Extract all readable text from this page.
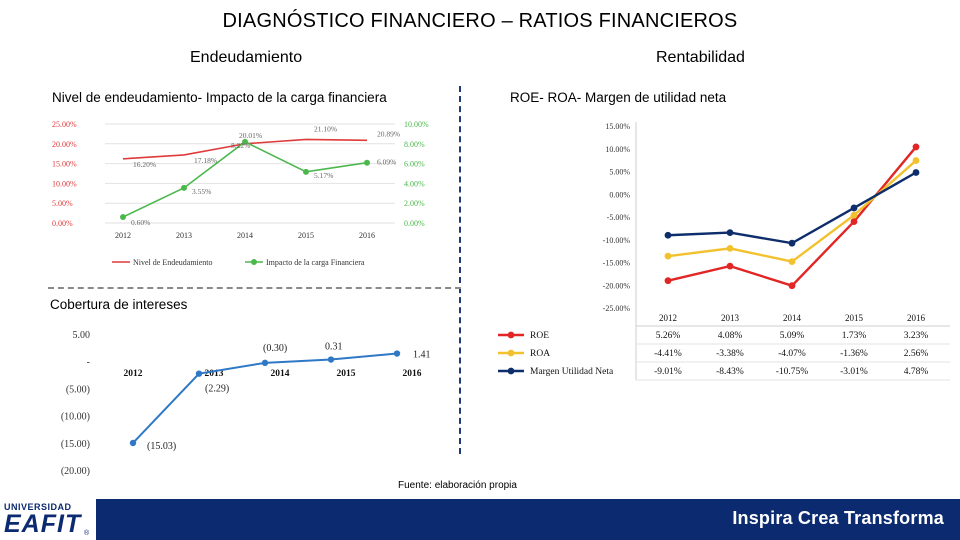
DIAGNÓSTICO FINANCIERO – RATIOS FINANCIEROS
Endeudamiento	Rentabilidad
Nivel de endeudamiento- Impacto de la carga financiera	ROE- ROA- Margen de utilidad neta
Cobertura de intereses
25.00%
20.00%
15.00%
10.00%
5.00%
0.00%
10.00%
8.00%
6.00%
4.00%
2.00%
0.00%
2012	2013	2014	2015	2016
16.20%
0.60%
17.18%
3.55%
20.01%
8.22%
21.10%
5.17%
20.89%
6.09%
Nivel de Endeudamiento	Impacto de la carga Financiera
5.00
-
(5.00)
(10.00)
(15.00)
(20.00)
2012	2013	2014	2015	2016
(15.03)
(2.29)
(0.30)	0.31
1.41
15.00%
10.00%
5.00%
0.00%
-5.00%
-10.00%
-15.00%
-20.00%
-25.00%
2012	2013	2014	2015	2016
ROE	5.26%	4.08%	5.09%	1.73%	3.23%
ROA	-4.41%	-3.38%	-4.07%	-1.36%	2.56%
Margen Utilidad Neta	-9.01%	-8.43%	-10.75%	-3.01%	4.78%
Fuente: elaboración propia
UNIVERSIDAD
EAFIT ®
Inspira Crea Transforma
